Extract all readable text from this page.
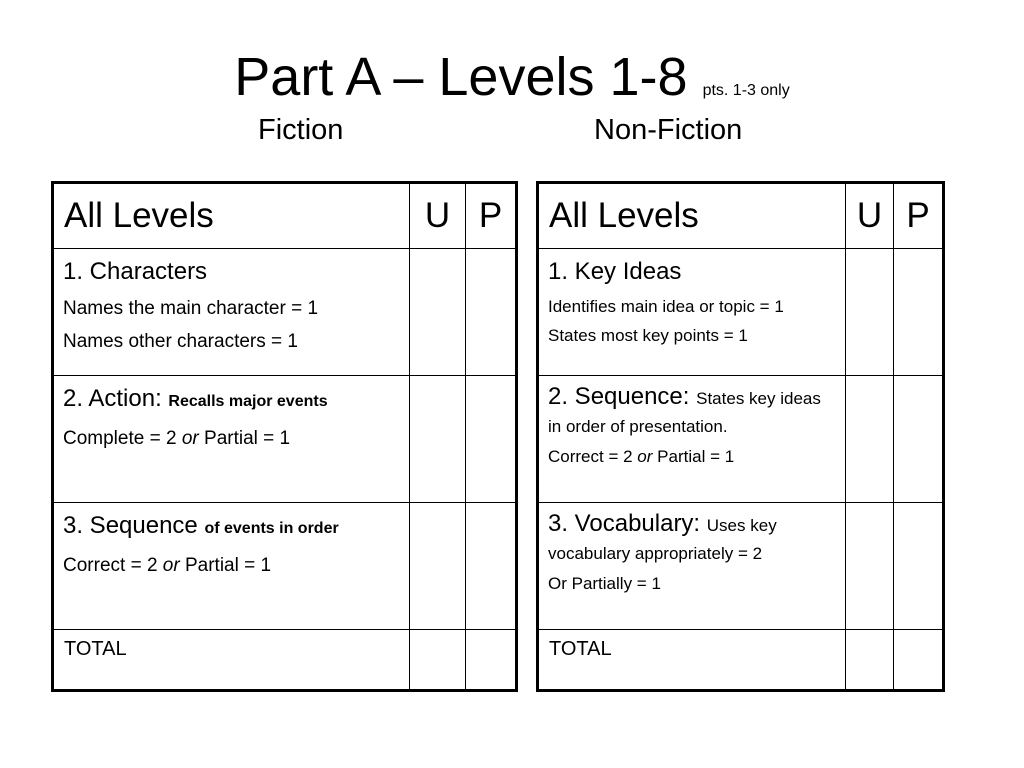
Part A – Levels 1-8 pts. 1-3 only
Fiction	Non-Fiction
All Levels	U	P

1. Characters
Names the main character = 1
Names other characters = 1		

2. Action: Recalls major events
Complete = 2 or Partial = 1		

3. Sequence of events in order
Correct = 2 or Partial = 1		

TOTAL		

All Levels	U	P

1. Key Ideas
Identifies main idea or topic = 1
States most key points = 1		

2. Sequence: States key ideas in order of presentation.
Correct = 2 or Partial = 1		

3. Vocabulary: Uses key vocabulary appropriately = 2
Or Partially = 1		

TOTAL		
